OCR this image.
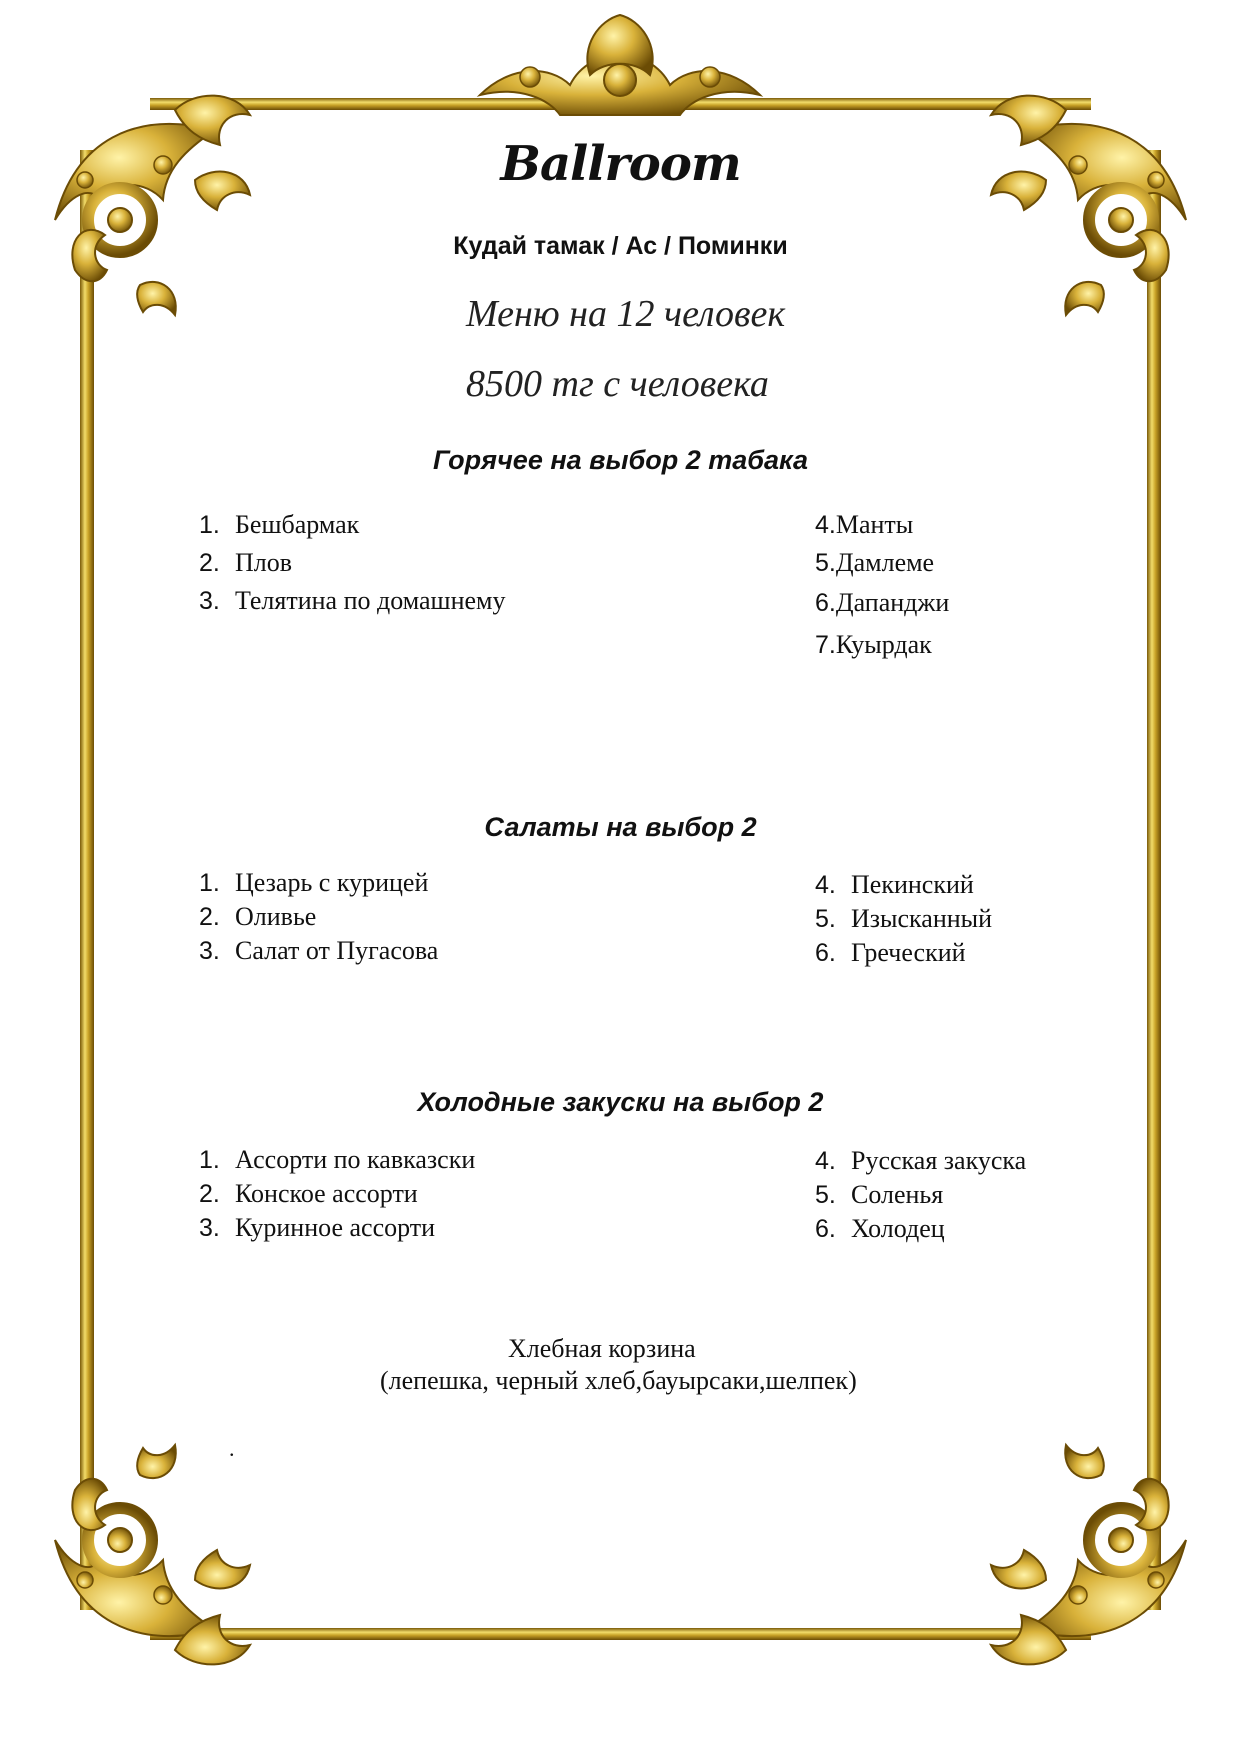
Ballroom
Кудай тамак / Ас / Поминки
Меню на 12 человек
8500 тг с человека
Горячее на выбор 2 табака
1. Бешбармак
2. Плов
3. Телятина по домашнему
4.Манты
5.Дамлеме
6.Дапанджи
7.Куырдак
Салаты на выбор 2
1. Цезарь с курицей
2. Оливье
3. Салат от Пугасова
4. Пекинский
5. Изысканный
6. Греческий
Холодные закуски на выбор 2
1. Ассорти по кавказски
2. Конское ассорти
3. Куринное ассорти
4. Русская закуска
5. Соленья
6. Холодец
Хлебная корзина
(лепешка, черный хлеб,бауырсаки,шелпек)
.
